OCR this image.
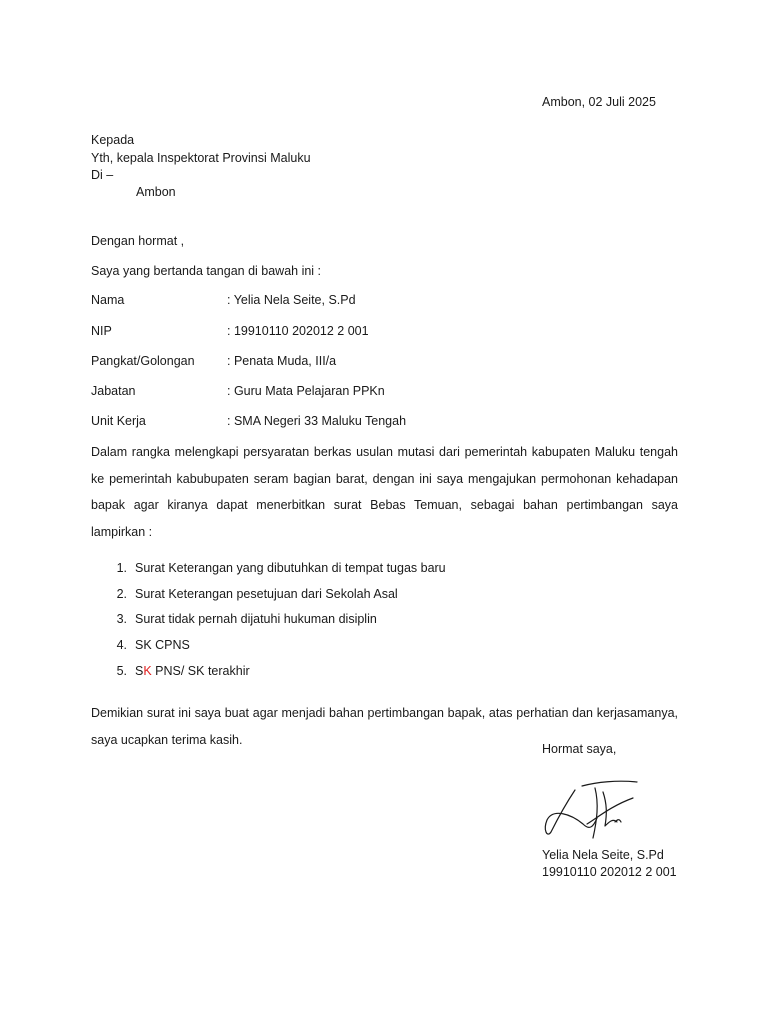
Ambon, 02 Juli 2025
Kepada
Yth, kepala Inspektorat Provinsi Maluku
Di –
Ambon
Dengan hormat ,
Saya yang bertanda tangan di bawah ini :
Nama	: Yelia Nela Seite, S.Pd
NIP	: 19910110 202012 2 001
Pangkat/Golongan	: Penata Muda, III/a
Jabatan	: Guru Mata Pelajaran PPKn
Unit Kerja	: SMA Negeri 33 Maluku Tengah
Dalam rangka melengkapi persyaratan berkas usulan mutasi dari pemerintah kabupaten Maluku tengah ke pemerintah kabubupaten seram bagian barat, dengan ini saya mengajukan permohonan kehadapan bapak agar kiranya dapat menerbitkan surat Bebas Temuan, sebagai bahan pertimbangan saya lampirkan :
1. Surat Keterangan yang dibutuhkan di tempat tugas baru
2. Surat Keterangan pesetujuan dari Sekolah Asal
3. Surat tidak pernah dijatuhi hukuman disiplin
4. SK CPNS
5. SK PNS/ SK terakhir
Demikian surat ini saya buat agar menjadi bahan pertimbangan bapak, atas perhatian dan kerjasamanya, saya ucapkan terima kasih.
Hormat saya,
Yelia Nela Seite, S.Pd
19910110 202012 2 001
